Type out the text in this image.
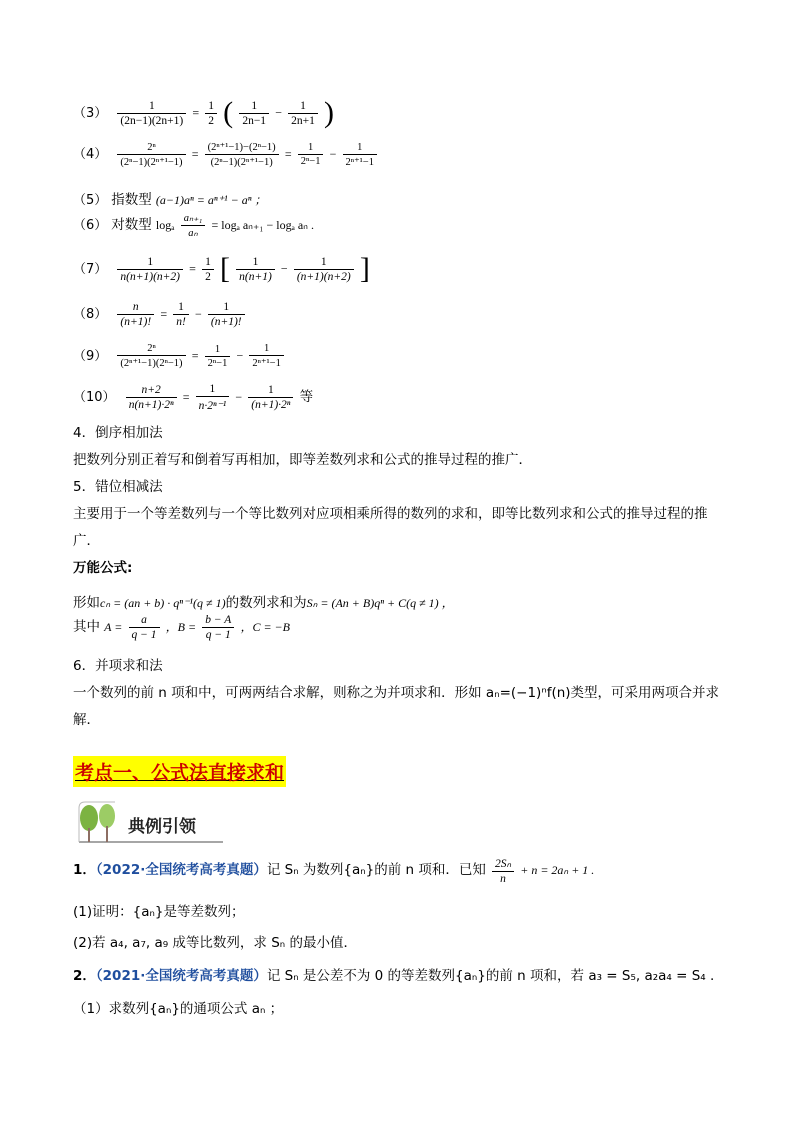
$(3) \frac{1}{(2n-1)(2n+1)} = \frac{1}{2}$ ( $\frac{1}{2n-1} - \frac{1}{2n+1}$ )
$(4) \frac{\text{2ⁿ}}{\text{(2ⁿ−1)(2ⁿ⁺¹−1)}} = \frac{\text{(2ⁿ⁺¹−1)−(2ⁿ−1)}}{\text{(2ⁿ−1)(2ⁿ⁺¹−1)}} = \frac{1}{\text{2ⁿ−1}} - \frac{1}{\text{2ⁿ⁺¹−1}}$
（5） 指数型 (a−1)aⁿ = aⁿ⁺¹ − aⁿ ；
（6） 对数型 logₐ $\frac{\text{aₙ₊₁}}{\text{aₙ}} = \log_a$ aₙ₊₁ − logₐ aₙ .
$(7) \frac{1}{n(n+1)(n+2)} = \frac{1}{2}$ [ $\frac{1}{n(n+1)} - \frac{1}{(n+1)(n+2)}$ ]
$(8) \frac{n}{(n+1)!} = \frac{1}{n!} - \frac{1}{(n+1)!}$
$(9) \frac{\text{2ⁿ}}{\text{(2ⁿ⁺¹−1)(2ⁿ−1)}} = \frac{1}{\text{2ⁿ−1}} - \frac{1}{\text{2ⁿ⁺¹−1}}$
$(10) \frac{n+2}{\text{n(n+1)·2ⁿ}} = \frac{1}{\text{n·2ⁿ⁻¹}} - \frac{1}{\text{(n+1)·2ⁿ}}$ 等
4．倒序相加法
把数列分别正着写和倒着写再相加，即等差数列求和公式的推导过程的推广．
5．错位相减法
主要用于一个等差数列与一个等比数列对应项相乘所得的数列的求和，即等比数列求和公式的推导过程的推广．
万能公式:
形如cₙ = (an + b) · qⁿ⁻¹(q ≠ 1)的数列求和为Sₙ = (An + B)qⁿ + C(q ≠ 1) ，
其中 $A = \frac{a}{q - 1}$ ，$B = \frac{b - A}{q - 1}$ ，C = −B
6．并项求和法
一个数列的前 n 项和中，可两两结合求解，则称之为并项求和．形如 aₙ=(−1)ⁿf(n)类型，可采用两项合并求解．
考点一、公式法直接求和
典例引领
1．（2022·全国统考高考真题）记 Sₙ 为数列{aₙ}的前 n 项和．已知 $\frac{\text{2Sₙ}}{n} + n = 2a_n + 1$ .
(1)证明：{aₙ}是等差数列；
(2)若 a₄, a₇, a₉ 成等比数列，求 Sₙ 的最小值．
2．（2021·全国统考高考真题）记 Sₙ 是公差不为 0 的等差数列{aₙ}的前 n 项和，若 a₃ = S₅, a₂a₄ = S₄ .
（1）求数列{aₙ}的通项公式 aₙ ；
